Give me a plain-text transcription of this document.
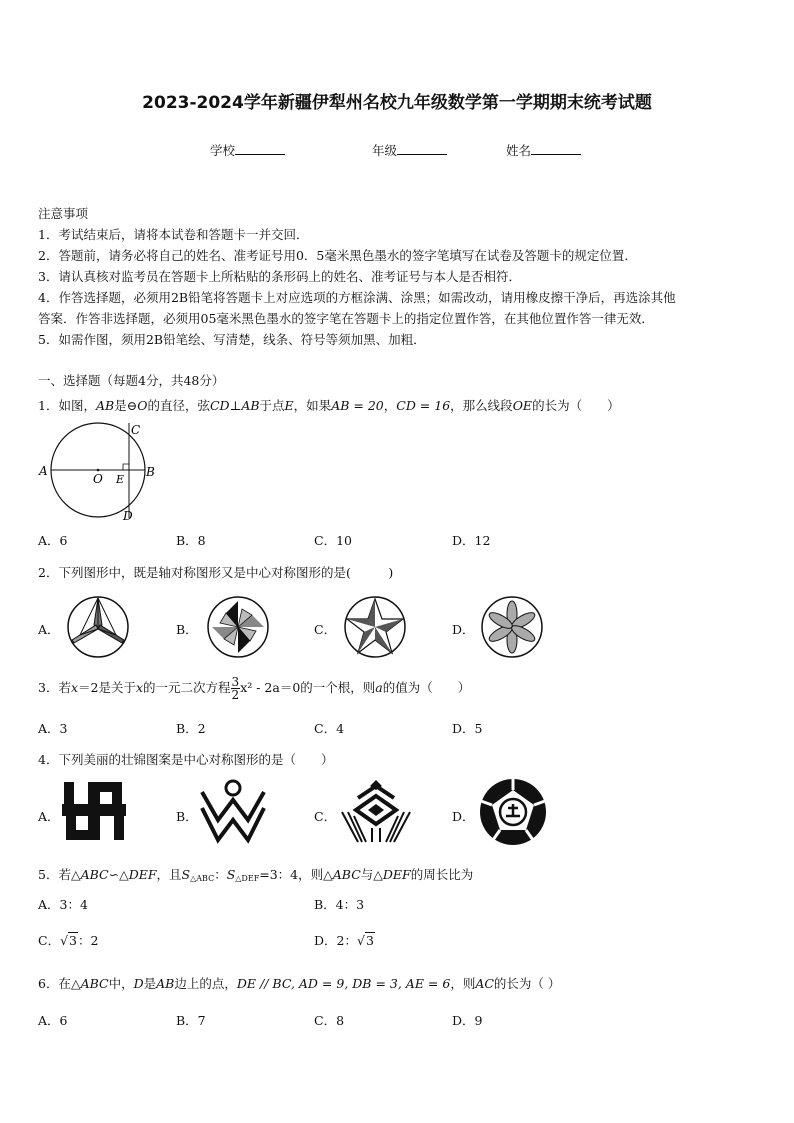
2023-2024学年新疆伊犁州名校九年级数学第一学期期末统考试题
学校	年级	姓名
注意事项
1．考试结束后，请将本试卷和答题卡一并交回．
2．答题前，请务必将自己的姓名、准考证号用0．5毫米黑色墨水的签字笔填写在试卷及答题卡的规定位置．
3．请认真核对监考员在答题卡上所粘贴的条形码上的姓名、准考证号与本人是否相符．
4．作答选择题，必须用2B铅笔将答题卡上对应选项的方框涂满、涂黑；如需改动，请用橡皮擦干净后，再选涂其他
答案．作答非选择题，必须用05毫米黑色墨水的签字笔在答题卡上的指定位置作答，在其他位置作答一律无效．
5．如需作图，须用2B铅笔绘、写清楚，线条、符号等须加黑、加粗．
一、选择题（每题4分，共48分）
1．如图，AB是⊖O的直径，弦CD⊥AB于点E，如果AB = 20，CD = 16，那么线段OE的长为（　　）
A	B
C
D
O E
A．6	B．8	C．10	D．12
2．下列图形中，既是轴对称图形又是中心对称图形的是(　　　)
A．	B．	C．	D．
3．若x＝2是关于x的一元二次方程 $\frac{3}{2} x^2 - 2a=0$的一个根，则a的值为（　　）
A．3	B．2	C．4	D．5
4．下列美丽的壮锦图案是中心对称图形的是（　　）
A．	B．	C．	D．
5．若△ABC∽△DEF，且$S_{\triangle ABC}$：$S_{\triangle DEF}=3$：4，则△ABC与△DEF的周长比为
A．3：4	B．4：3
C．√3：2	D．2：√3
6．在△ABC中，D是AB边上的点，DE // BC, AD = 9, DB = 3, AE = 6，则AC的长为（ ）
A．6	B．7	C．8	D．9
